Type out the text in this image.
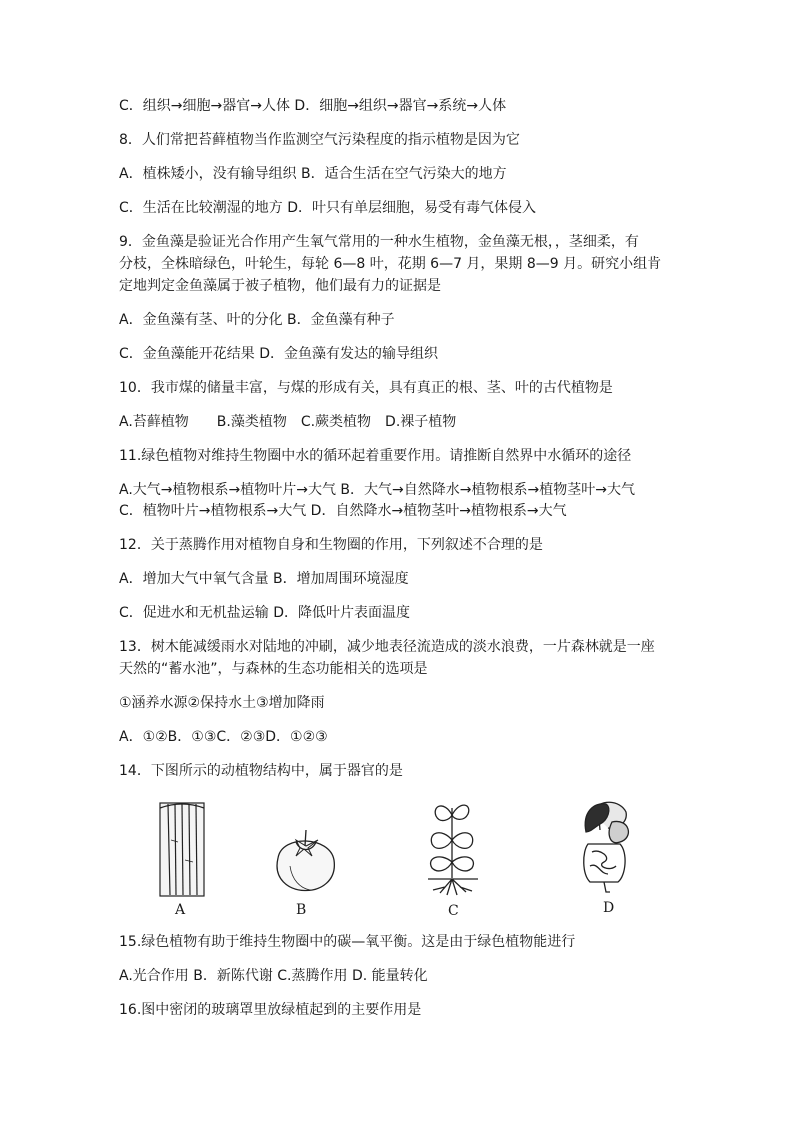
C．组织→细胞→器官→人体 D．细胞→组织→器官→系统→人体
8．人们常把苔藓植物当作监测空气污染程度的指示植物是因为它
A．植株矮小，没有输导组织 B．适合生活在空气污染大的地方
C．生活在比较潮湿的地方 D．叶只有单层细胞，易受有毒气体侵入
9．金鱼藻是验证光合作用产生氧气常用的一种水生植物，金鱼藻无根，，茎细柔，有
分枝，全株暗绿色，叶轮生，每轮 6—8 叶，花期 6—7 月，果期 8—9 月。研究小组肯
定地判定金鱼藻属于被子植物，他们最有力的证据是
A．金鱼藻有茎、叶的分化 B．金鱼藻有种子
C．金鱼藻能开花结果 D．金鱼藻有发达的输导组织
10．我市煤的储量丰富，与煤的形成有关，具有真正的根、茎、叶的古代植物是
A.苔藓植物　　B.藻类植物　C.蕨类植物　D.裸子植物
11.绿色植物对维持生物圈中水的循环起着重要作用。请推断自然界中水循环的途径
A.大气→植物根系→植物叶片→大气 B．大气→自然降水→植物根系→植物茎叶→大气
C．植物叶片→植物根系→大气 D．自然降水→植物茎叶→植物根系→大气
12．关于蒸腾作用对植物自身和生物圈的作用，下列叙述不合理的是
A．增加大气中氧气含量 B．增加周围环境湿度
C．促进水和无机盐运输 D．降低叶片表面温度
13．树木能减缓雨水对陆地的冲刷，减少地表径流造成的淡水浪费，一片森林就是一座
天然的“蓄水池”，与森林的生态功能相关的选项是
①涵养水源②保持水土③增加降雨
A．①②B．①③C．②③D．①②③
14．下图所示的动植物结构中，属于器官的是
A	B	C	D
15.绿色植物有助于维持生物圈中的碳—氧平衡。这是由于绿色植物能进行
A.光合作用 B．新陈代谢 C.蒸腾作用 D. 能量转化
16.图中密闭的玻璃罩里放绿植起到的主要作用是
